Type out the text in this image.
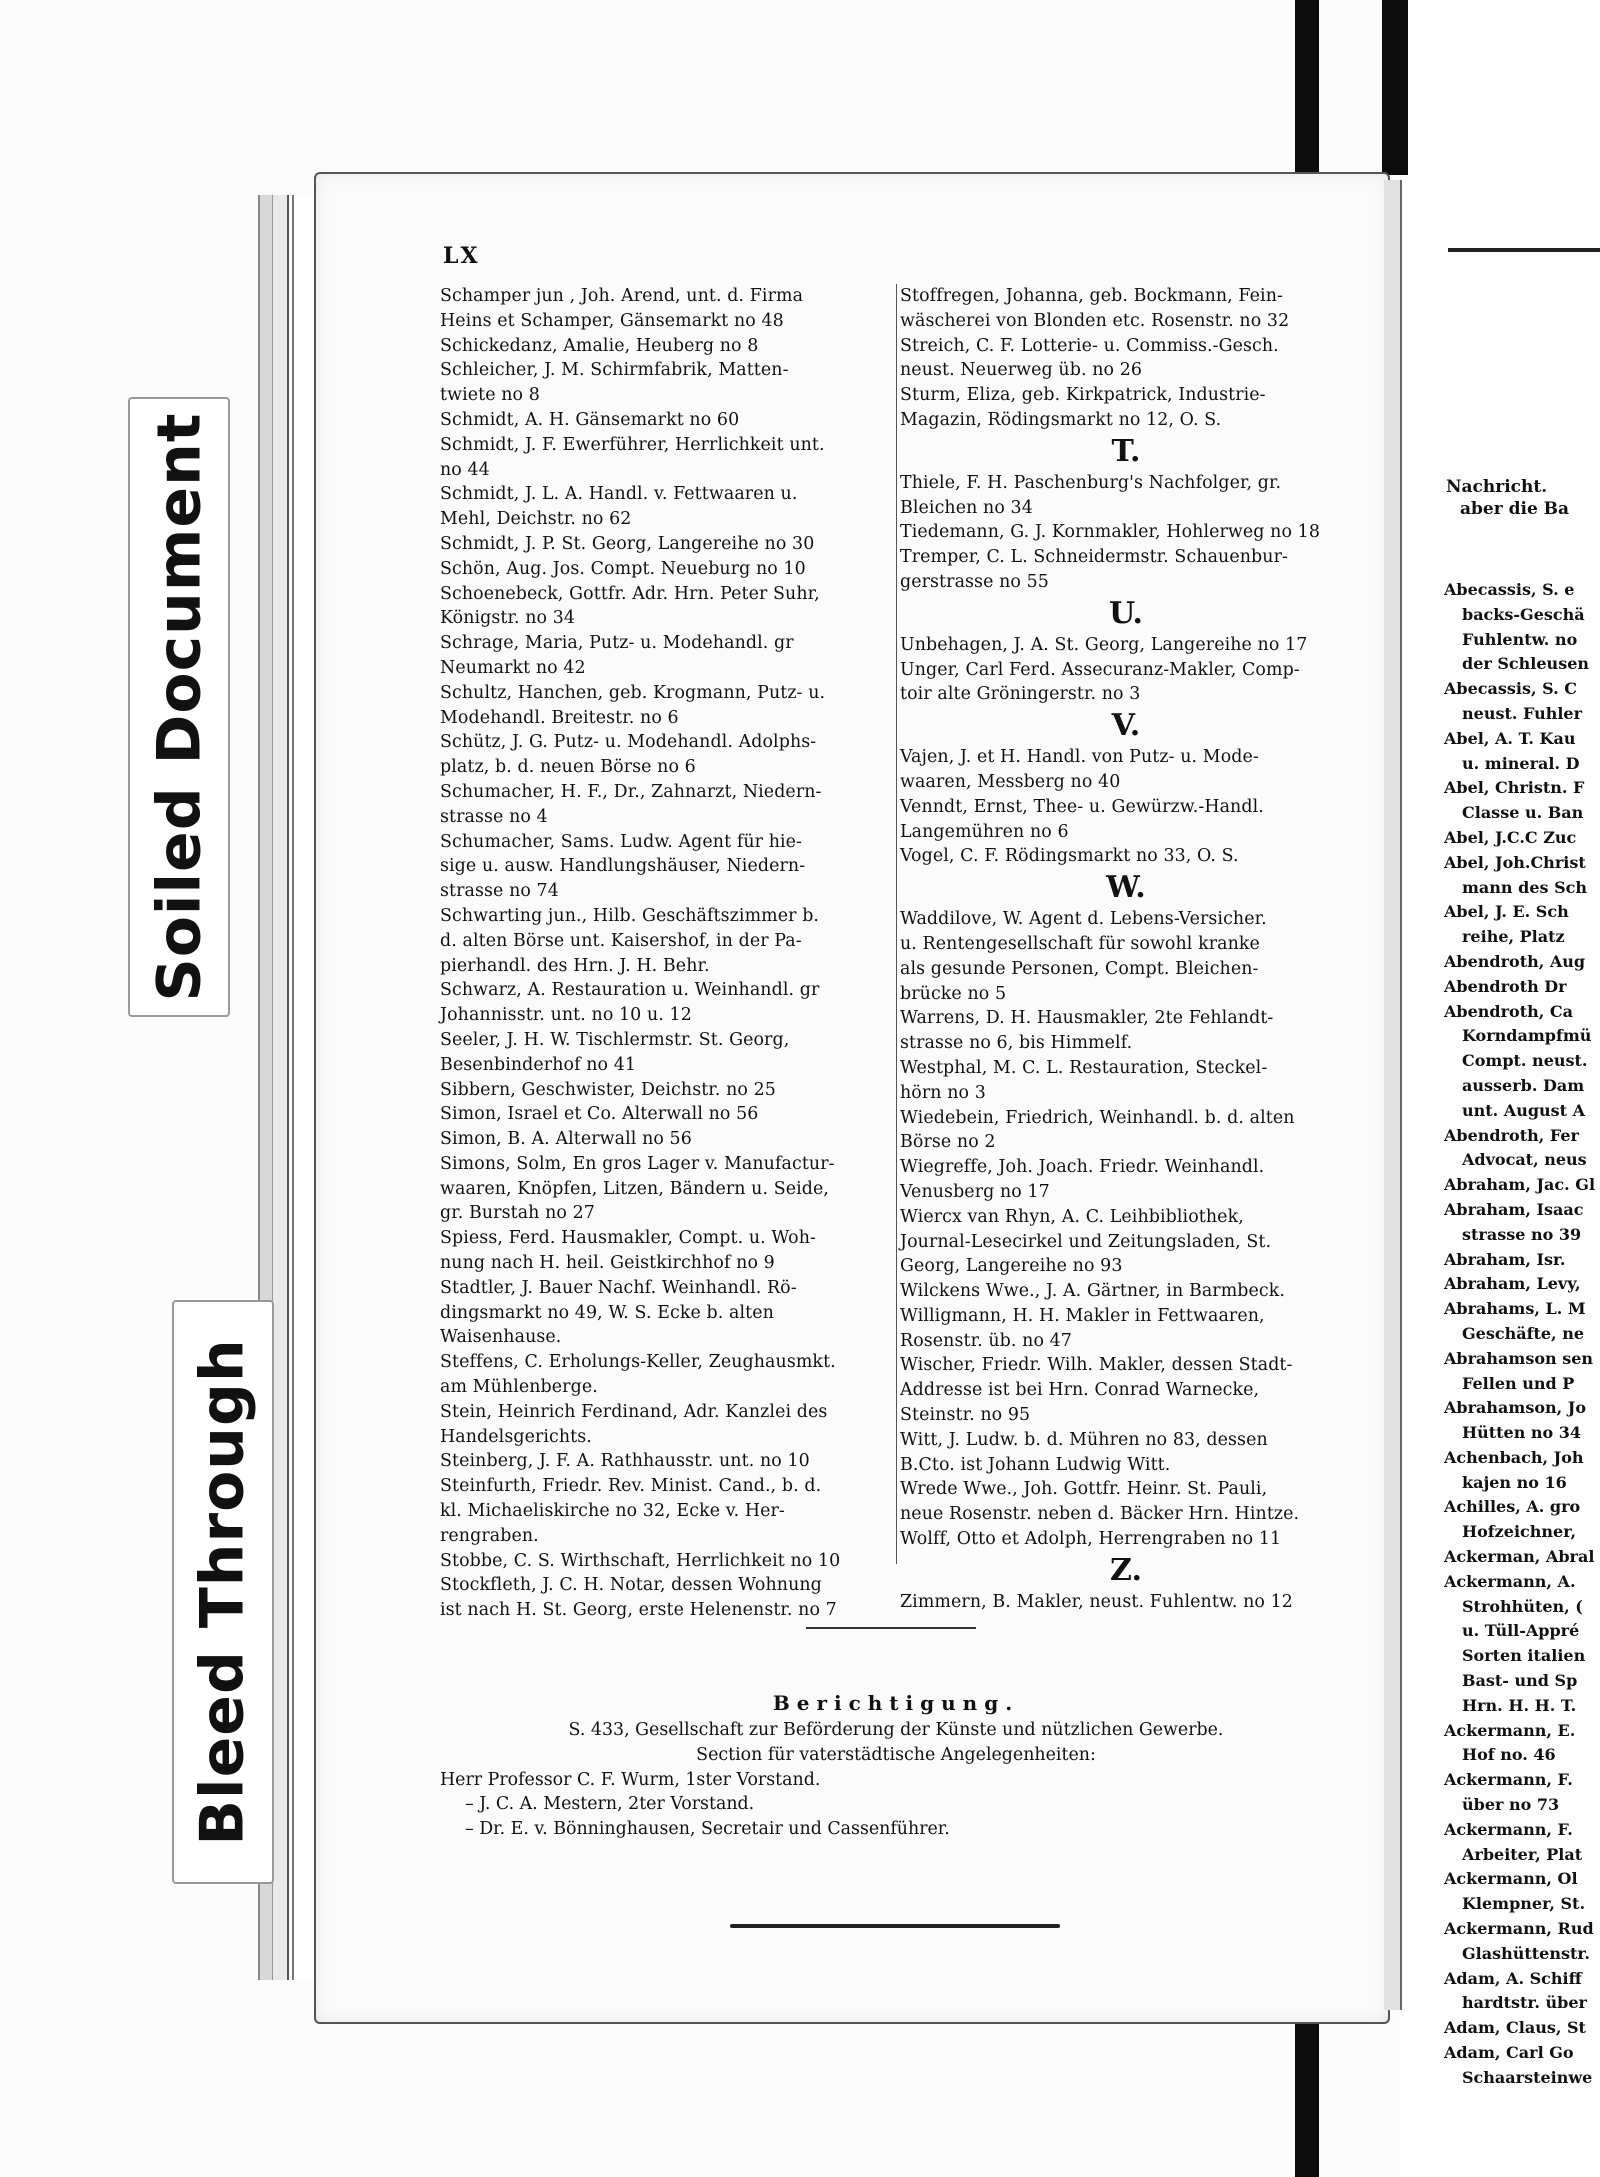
Soiled Document
Bleed Through
Nachricht.
aber die Ba
Abecassis, S. e
backs-Geschä
Fuhlentw. no
der Schleusen
Abecassis, S. C
neust. Fuhler
Abel, A. T. Kau
u. mineral. D
Abel, Christn. F
Classe u. Ban
Abel, J.C.C Zuc
Abel, Joh.Christ
mann des Sch
Abel, J. E. Sch
reihe, Platz
Abendroth, Aug
Abendroth Dr
Abendroth, Ca
Korndampfmü
Compt. neust.
ausserb. Dam
unt. August A
Abendroth, Fer
Advocat, neus
Abraham, Jac. Gl
Abraham, Isaac
strasse no 39
Abraham, Isr.
Abraham, Levy,
Abrahams, L. M
Geschäfte, ne
Abrahamson sen
Fellen und P
Abrahamson, Jo
Hütten no 34
Achenbach, Joh
kajen no 16
Achilles, A. gro
Hofzeichner,
Ackerman, Abral
Ackermann, A.
Strohhüten, (
u. Tüll-Appré
Sorten italien
Bast- und Sp
Hrn. H. H. T.
Ackermann, E.
Hof no. 46
Ackermann, F.
über no 73
Ackermann, F.
Arbeiter, Plat
Ackermann, Ol
Klempner, St.
Ackermann, Rud
Glashüttenstr.
Adam, A. Schiff
hardtstr. über
Adam, Claus, St
Adam, Carl Go
Schaarsteinwe
LX
Schamper jun , Joh. Arend, unt. d. Firma
Heins et Schamper, Gänsemarkt no 48
Schickedanz, Amalie, Heuberg no 8
Schleicher, J. M. Schirmfabrik, Matten-
twiete no 8
Schmidt, A. H. Gänsemarkt no 60
Schmidt, J. F. Ewerführer, Herrlichkeit unt.
no 44
Schmidt, J. L. A. Handl. v. Fettwaaren u.
Mehl, Deichstr. no 62
Schmidt, J. P. St. Georg, Langereihe no 30
Schön, Aug. Jos. Compt. Neueburg no 10
Schoenebeck, Gottfr. Adr. Hrn. Peter Suhr,
Königstr. no 34
Schrage, Maria, Putz- u. Modehandl. gr
Neumarkt no 42
Schultz, Hanchen, geb. Krogmann, Putz- u.
Modehandl. Breitestr. no 6
Schütz, J. G. Putz- u. Modehandl. Adolphs-
platz, b. d. neuen Börse no 6
Schumacher, H. F., Dr., Zahnarzt, Niedern-
strasse no 4
Schumacher, Sams. Ludw. Agent für hie-
sige u. ausw. Handlungshäuser, Niedern-
strasse no 74
Schwarting jun., Hilb. Geschäftszimmer b.
d. alten Börse unt. Kaisershof, in der Pa-
pierhandl. des Hrn. J. H. Behr.
Schwarz, A. Restauration u. Weinhandl. gr
Johannisstr. unt. no 10 u. 12
Seeler, J. H. W. Tischlermstr. St. Georg,
Besenbinderhof no 41
Sibbern, Geschwister, Deichstr. no 25
Simon, Israel et Co. Alterwall no 56
Simon, B. A. Alterwall no 56
Simons, Solm, En gros Lager v. Manufactur-
waaren, Knöpfen, Litzen, Bändern u. Seide,
gr. Burstah no 27
Spiess, Ferd. Hausmakler, Compt. u. Woh-
nung nach H. heil. Geistkirchhof no 9
Stadtler, J. Bauer Nachf. Weinhandl. Rö-
dingsmarkt no 49, W. S. Ecke b. alten
Waisenhause.
Steffens, C. Erholungs-Keller, Zeughausmkt.
am Mühlenberge.
Stein, Heinrich Ferdinand, Adr. Kanzlei des
Handelsgerichts.
Steinberg, J. F. A. Rathhausstr. unt. no 10
Steinfurth, Friedr. Rev. Minist. Cand., b. d.
kl. Michaeliskirche no 32, Ecke v. Her-
rengraben.
Stobbe, C. S. Wirthschaft, Herrlichkeit no 10
Stockfleth, J. C. H. Notar, dessen Wohnung
ist nach H. St. Georg, erste Helenenstr. no 7
Stoffregen, Johanna, geb. Bockmann, Fein-
wäscherei von Blonden etc. Rosenstr. no 32
Streich, C. F. Lotterie- u. Commiss.-Gesch.
neust. Neuerweg üb. no 26
Sturm, Eliza, geb. Kirkpatrick, Industrie-
Magazin, Rödingsmarkt no 12, O. S.
T.
Thiele, F. H. Paschenburg's Nachfolger, gr.
Bleichen no 34
Tiedemann, G. J. Kornmakler, Hohlerweg no 18
Tremper, C. L. Schneidermstr. Schauenbur-
gerstrasse no 55
U.
Unbehagen, J. A. St. Georg, Langereihe no 17
Unger, Carl Ferd. Assecuranz-Makler, Comp-
toir alte Gröningerstr. no 3
V.
Vajen, J. et H. Handl. von Putz- u. Mode-
waaren, Messberg no 40
Venndt, Ernst, Thee- u. Gewürzw.-Handl.
Langemühren no 6
Vogel, C. F. Rödingsmarkt no 33, O. S.
W.
Waddilove, W. Agent d. Lebens-Versicher.
u. Rentengesellschaft für sowohl kranke
als gesunde Personen, Compt. Bleichen-
brücke no 5
Warrens, D. H. Hausmakler, 2te Fehlandt-
strasse no 6, bis Himmelf.
Westphal, M. C. L. Restauration, Steckel-
hörn no 3
Wiedebein, Friedrich, Weinhandl. b. d. alten
Börse no 2
Wiegreffe, Joh. Joach. Friedr. Weinhandl.
Venusberg no 17
Wiercx van Rhyn, A. C. Leihbibliothek,
Journal-Lesecirkel und Zeitungsladen, St.
Georg, Langereihe no 93
Wilckens Wwe., J. A. Gärtner, in Barmbeck.
Willigmann, H. H. Makler in Fettwaaren,
Rosenstr. üb. no 47
Wischer, Friedr. Wilh. Makler, dessen Stadt-
Addresse ist bei Hrn. Conrad Warnecke,
Steinstr. no 95
Witt, J. Ludw. b. d. Mühren no 83, dessen
B.Cto. ist Johann Ludwig Witt.
Wrede Wwe., Joh. Gottfr. Heinr. St. Pauli,
neue Rosenstr. neben d. Bäcker Hrn. Hintze.
Wolff, Otto et Adolph, Herrengraben no 11
Z.
Zimmern, B. Makler, neust. Fuhlentw. no 12
Berichtigung.
S. 433, Gesellschaft zur Beförderung der Künste und nützlichen Gewerbe.
Section für vaterstädtische Angelegenheiten:
Herr Professor C. F. Wurm, 1ster Vorstand.
– J. C. A. Mestern, 2ter Vorstand.
– Dr. E. v. Bönninghausen, Secretair und Cassenführer.
